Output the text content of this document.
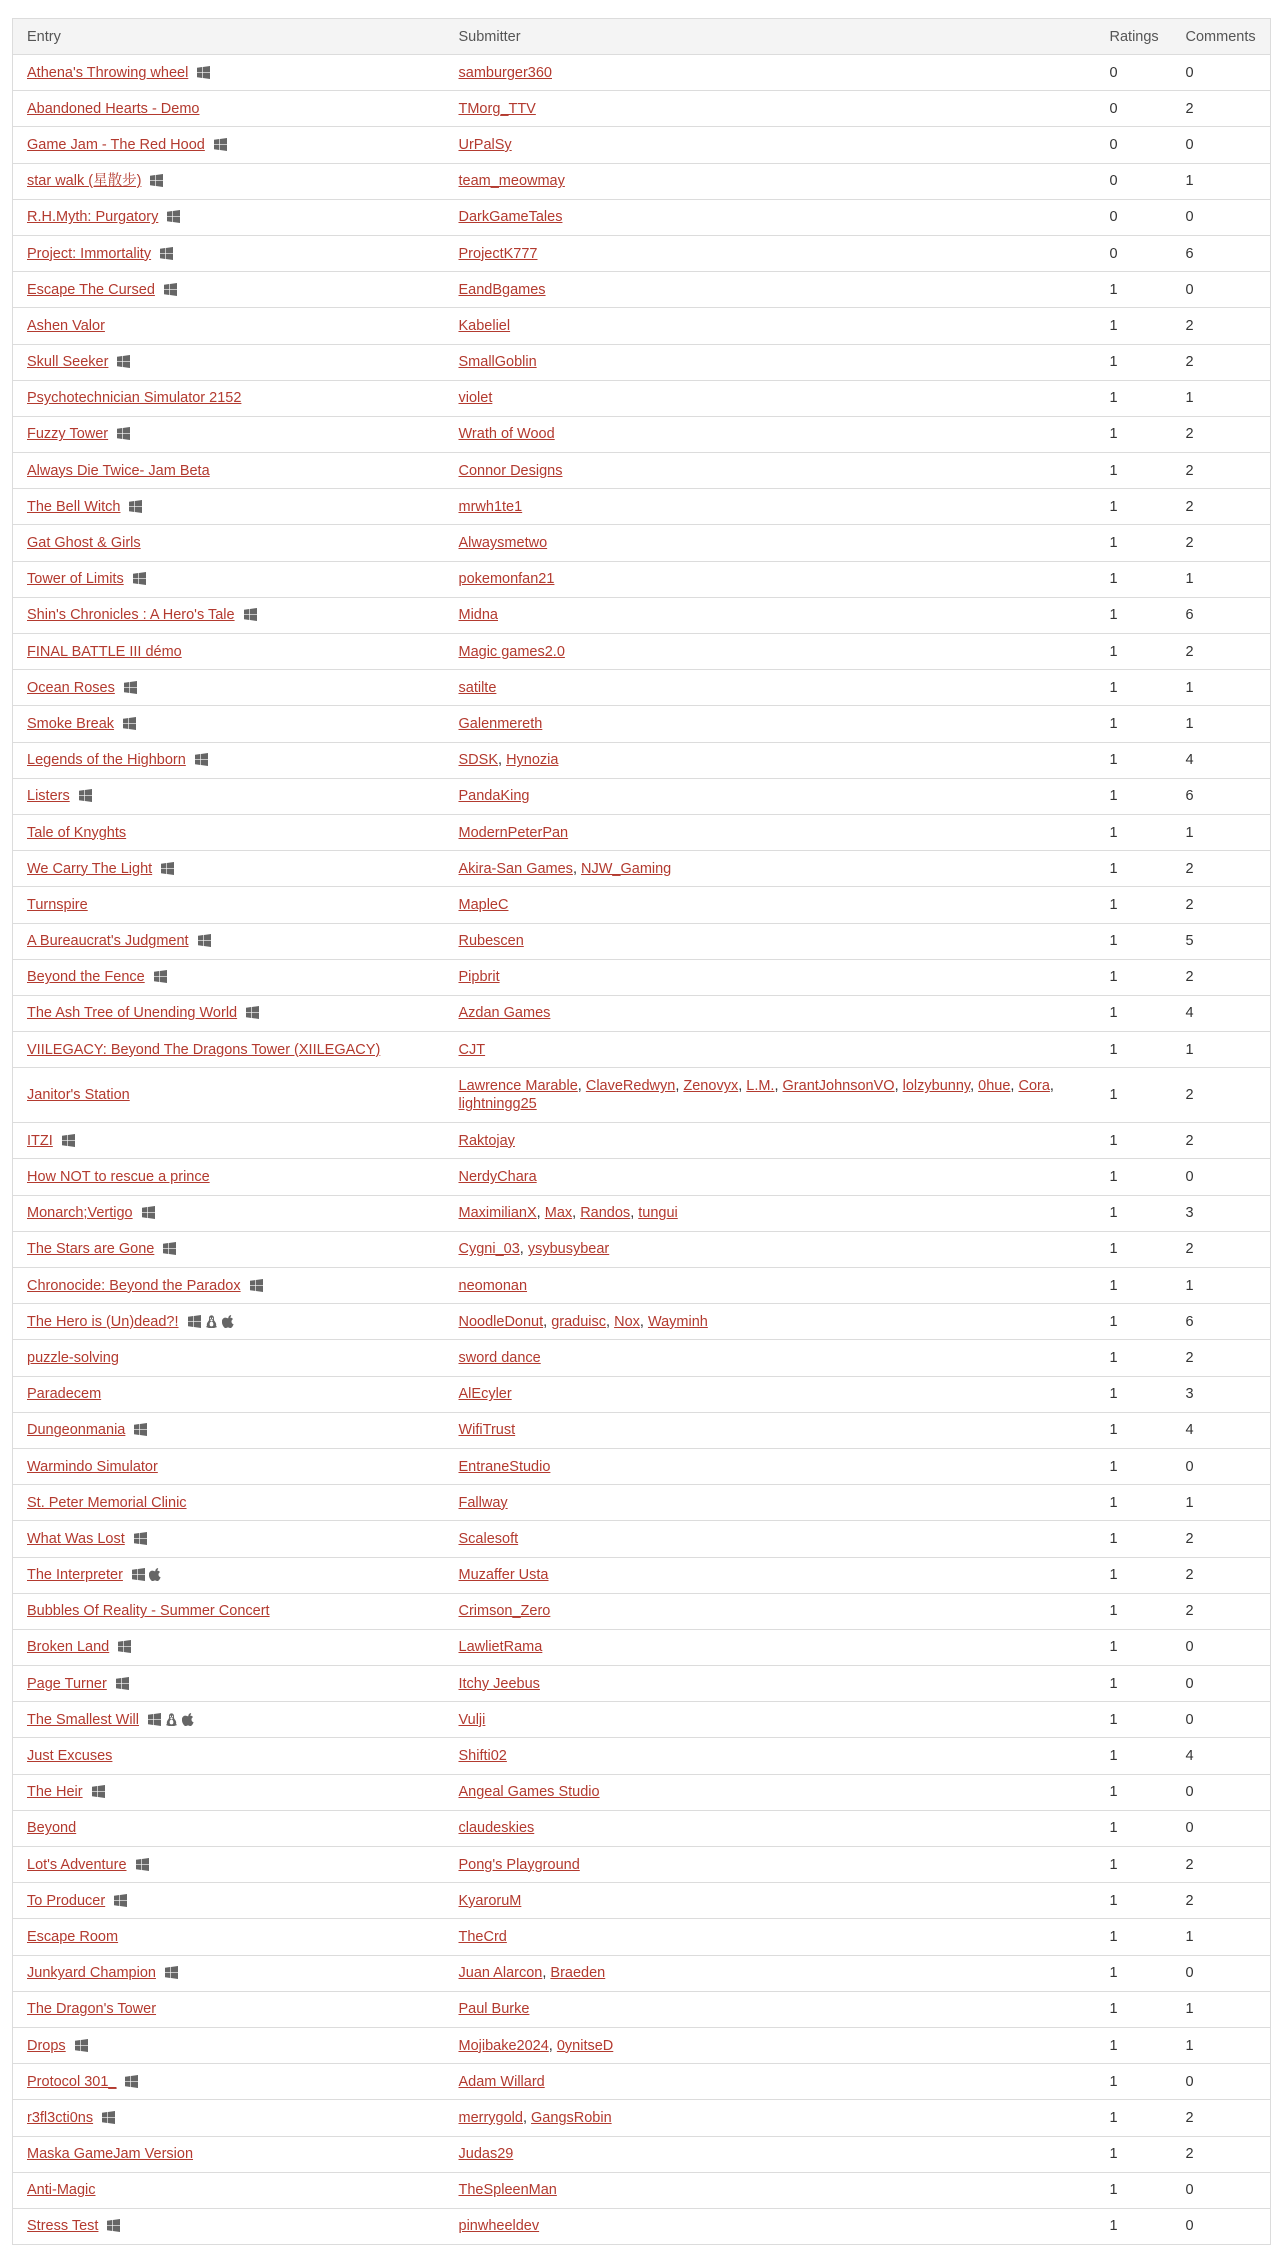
Entry	Submitter	Ratings	Comments
Athena's Throwing wheel	samburger360	0	0
Abandoned Hearts - Demo	TMorg_TTV	0	2
Game Jam - The Red Hood	UrPalSy	0	0
star walk (星散步)	team_meowmay	0	1
R.H.Myth: Purgatory	DarkGameTales	0	0
Project: Immortality	ProjectK777	0	6
Escape The Cursed	EandBgames	1	0
Ashen Valor	Kabeliel	1	2
Skull Seeker	SmallGoblin	1	2
Psychotechnician Simulator 2152	violet	1	1
Fuzzy Tower	Wrath of Wood	1	2
Always Die Twice- Jam Beta	Connor Designs	1	2
The Bell Witch	mrwh1te1	1	2
Gat Ghost & Girls	Alwaysmetwo	1	2
Tower of Limits	pokemonfan21	1	1
Shin's Chronicles : A Hero's Tale	Midna	1	6
FINAL BATTLE III démo	Magic games2.0	1	2
Ocean Roses	satilte	1	1
Smoke Break	Galenmereth	1	1
Legends of the Highborn	SDSK, Hynozia	1	4
Listers	PandaKing	1	6
Tale of Knyghts	ModernPeterPan	1	1
We Carry The Light	Akira-San Games, NJW_Gaming	1	2
Turnspire	MapleC	1	2
A Bureaucrat's Judgment	Rubescen	1	5
Beyond the Fence	Pipbrit	1	2
The Ash Tree of Unending World	Azdan Games	1	4
VIILEGACY: Beyond The Dragons Tower (XIILEGACY)	CJT	1	1
Janitor's Station	Lawrence Marable, ClaveRedwyn, Zenovyx, L.M., GrantJohnsonVO, lolzybunny, 0hue, Cora, lightningg25	1	2
ITZI	Raktojay	1	2
How NOT to rescue a prince	NerdyChara	1	0
Monarch;Vertigo	MaximilianX, Max, Randos, tungui	1	3
The Stars are Gone	Cygni_03, ysybusybear	1	2
Chronocide: Beyond the Paradox	neomonan	1	1
The Hero is (Un)dead?!	NoodleDonut, graduisc, Nox, Wayminh	1	6
puzzle-solving	sword dance	1	2
Paradecem	AlEcyler	1	3
Dungeonmania	WifiTrust	1	4
Warmindo Simulator	EntraneStudio	1	0
St. Peter Memorial Clinic	Fallway	1	1
What Was Lost	Scalesoft	1	2
The Interpreter	Muzaffer Usta	1	2
Bubbles Of Reality - Summer Concert	Crimson_Zero	1	2
Broken Land	LawlietRama	1	0
Page Turner	Itchy Jeebus	1	0
The Smallest Will	Vulji	1	0
Just Excuses	Shifti02	1	4
The Heir	Angeal Games Studio	1	0
Beyond	claudeskies	1	0
Lot's Adventure	Pong's Playground	1	2
To Producer	KyaroruM	1	2
Escape Room	TheCrd	1	1
Junkyard Champion	Juan Alarcon, Braeden	1	0
The Dragon's Tower	Paul Burke	1	1
Drops	Mojibake2024, 0ynitseD	1	1
Protocol 301_	Adam Willard	1	0
r3fl3cti0ns	merrygold, GangsRobin	1	2
Maska GameJam Version	Judas29	1	2
Anti-Magic	TheSpleenMan	1	0
Stress Test	pinwheeldev	1	0
